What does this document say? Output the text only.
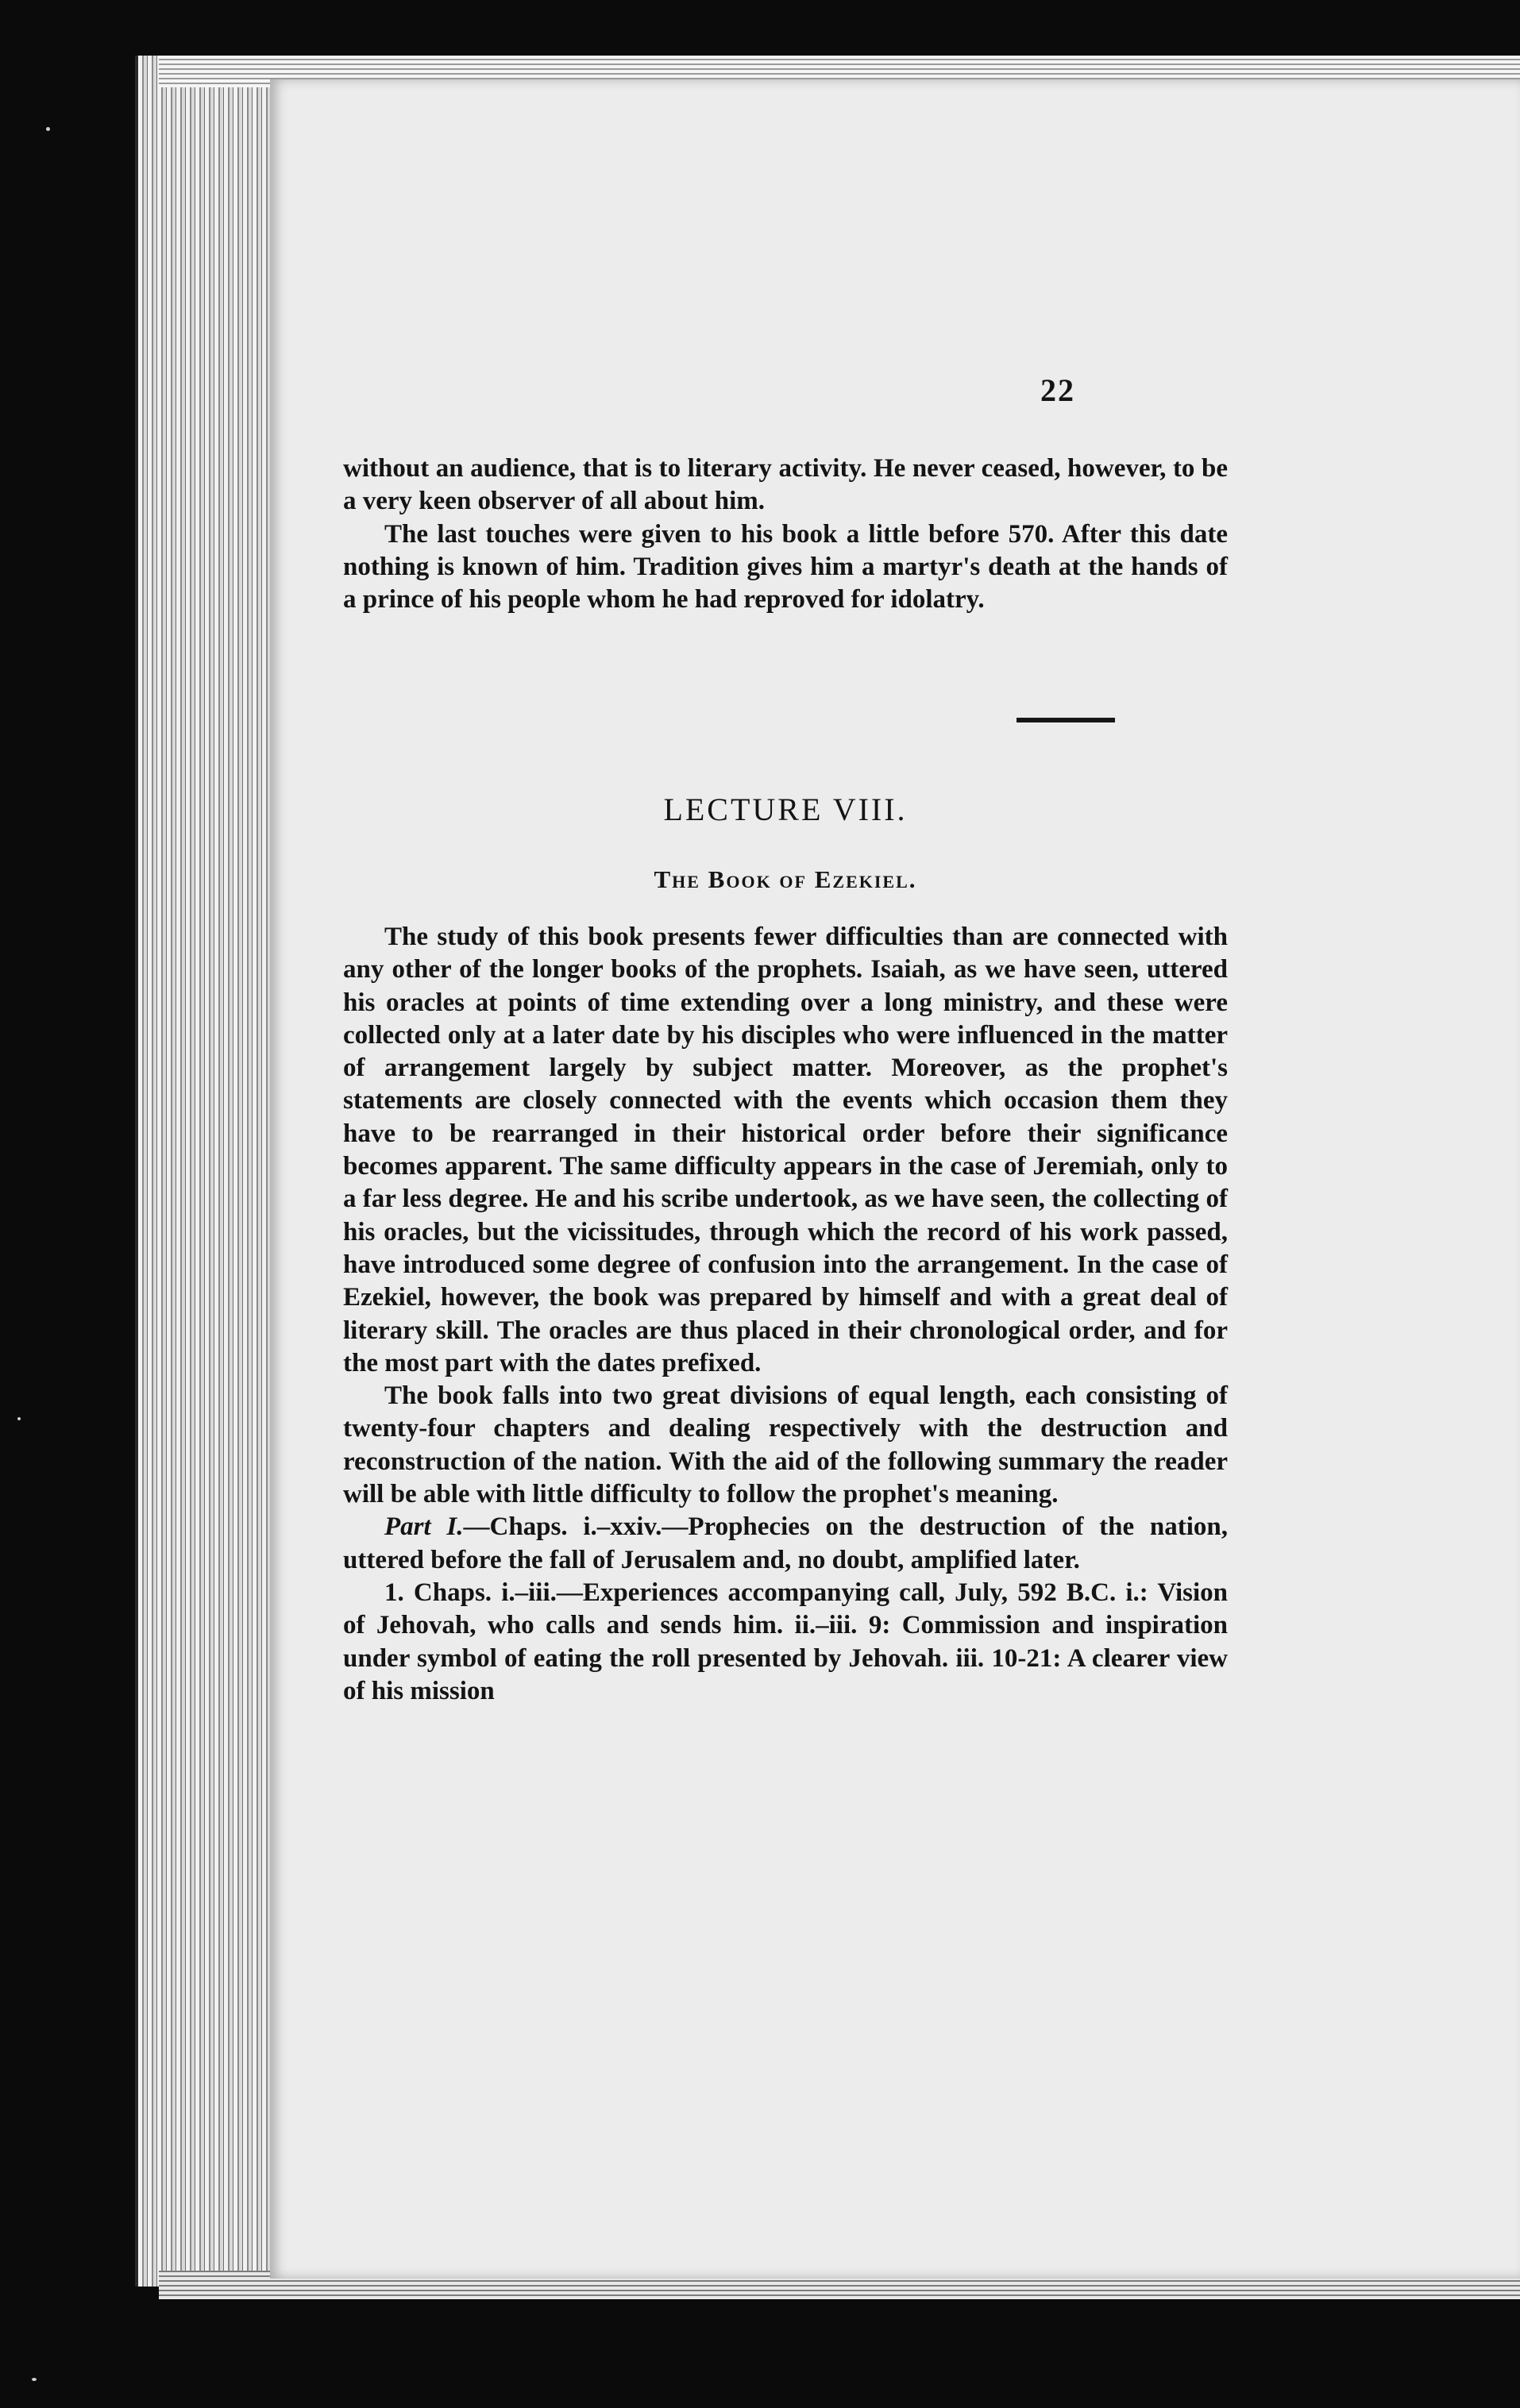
22

without an audience, that is to literary activity. He never ceased, however, to be a very keen observer of all about him.

The last touches were given to his book a little before 570. After this date nothing is known of him. Tradition gives him a martyr's death at the hands of a prince of his people whom he had reproved for idolatry.

LECTURE VIII.
The Book of Ezekiel.

The study of this book presents fewer difficulties than are connected with any other of the longer books of the prophets. Isaiah, as we have seen, uttered his oracles at points of time extending over a long ministry, and these were collected only at a later date by his disciples who were influenced in the matter of arrangement largely by subject matter. Moreover, as the prophet's statements are closely connected with the events which occasion them they have to be rearranged in their historical order before their significance becomes apparent. The same difficulty appears in the case of Jeremiah, only to a far less degree. He and his scribe undertook, as we have seen, the collecting of his oracles, but the vicissitudes, through which the record of his work passed, have introduced some degree of confusion into the arrangement. In the case of Ezekiel, however, the book was prepared by himself and with a great deal of literary skill. The oracles are thus placed in their chronological order, and for the most part with the dates prefixed.

The book falls into two great divisions of equal length, each consisting of twenty-four chapters and dealing respectively with the destruction and reconstruction of the nation. With the aid of the following summary the reader will be able with little difficulty to follow the prophet's meaning.

Part I.—Chaps. i.–xxiv.—Prophecies on the destruction of the nation, uttered before the fall of Jerusalem and, no doubt, amplified later.

1. Chaps. i.–iii.—Experiences accompanying call, July, 592 B.C. i.: Vision of Jehovah, who calls and sends him. ii.–iii. 9: Commission and inspiration under symbol of eating the roll presented by Jehovah. iii. 10-21: A clearer view of his mission
